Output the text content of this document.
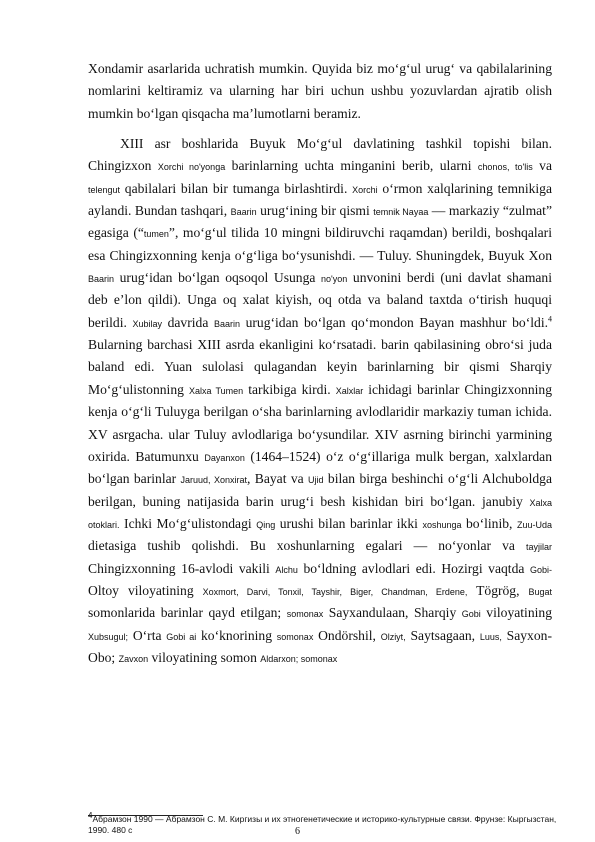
Xondamir asarlarida uchratish mumkin. Quyida biz mo‘g‘ul urug‘ va qabilalarining nomlarini keltiramiz va ularning har biri uchun ushbu yozuvlardan ajratib olish mumkin bo‘lgan qisqacha ma’lumotlarni beramiz.

XIII asr boshlarida Buyuk Mo‘g‘ul davlatining tashkil topishi bilan. Chingizxon Xorchi no'yonga barinlarning uchta minganini berib, ularni chonos, to'lis va telengut qabilalari bilan bir tumanga birlashtirdi. Xorchi o‘rmon xalqlarining temnikiga aylandi. Bundan tashqari, Baarin urug‘ining bir qismi temnik Nayaa — markaziy “zulmat” egasiga (“tumen”, mo‘g‘ul tilida 10 mingni bildiruvchi raqamdan) berildi, boshqalari esa Chingizxonning kenja o‘g‘liga bo‘ysunishdi. — Tuluy. Shuningdek, Buyuk Xon Baarin urug‘idan bo‘lgan oqsoqol Usunga no'yon unvonini berdi (uni davlat shamani deb e’lon qildi). Unga oq xalat kiyish, oq otda va baland taxtda o‘tirish huquqi berildi. Xubilay davrida Baarin urug‘idan bo‘lgan qo‘mondon Bayan mashhur bo‘ldi.$^4$ Bularning barchasi XIII asrda ekanligini ko‘rsatadi. barin qabilasining obro‘si juda baland edi. Yuan sulolasi qulagandan keyin barinlarning bir qismi Sharqiy Mo‘g‘ulistonning Xalxa Tumen tarkibiga kirdi. Xalxlar ichidagi barinlar Chingizxonning kenja o‘g‘li Tuluyga berilgan o‘sha barinlarning avlodlaridir markaziy tuman ichida. XV asrgacha. ular Tuluy avlodlariga bo‘ysundilar. XIV asrning birinchi yarmining oxirida. Batumunxu Dayanxon (1464–1524) o‘z o‘g‘illariga mulk bergan, xalxlardan bo‘lgan barinlar Jaruud, Xonxirat, Bayat va Ujid bilan birga beshinchi o‘g‘li Alchuboldga berilgan, buning natijasida barin urug‘i besh kishidan biri bo‘lgan. janubiy Xalxa otoklari. Ichki Mo‘g‘ulistondagi Qing urushi bilan barinlar ikki xoshunga bo‘linib, Zuu-Uda dietasiga tushib qolishdi. Bu xoshunlarning egalari — no‘yonlar va tayjilar Chingizxonning 16-avlodi vakili Alchu bo‘ldning avlodlari edi. Hozirgi vaqtda Gobi- Oltoy viloyatining Xoxmort, Darvi, Tonxil, Tayshir, Biger, Chandman, Erdene, Tögrög, Bugat somonlarida barinlar qayd etilgan; somonax Sayxandulaan, Sharqiy Gobi viloyatining Xubsugul; O‘rta Gobi ai ko‘knorining somonax Ondörshil, Olziyt, Saytsagaan, Luus, Sayxon-Obo; Zavxon viloyatining somon Aldarxon; somonax

$^4$Абрамзон 1990 — Абрамзон С. М. Киргизы и их этногенетические и историко-культурные связи. Фрунзе: Кыргызстан, 1990. 480 с	6
